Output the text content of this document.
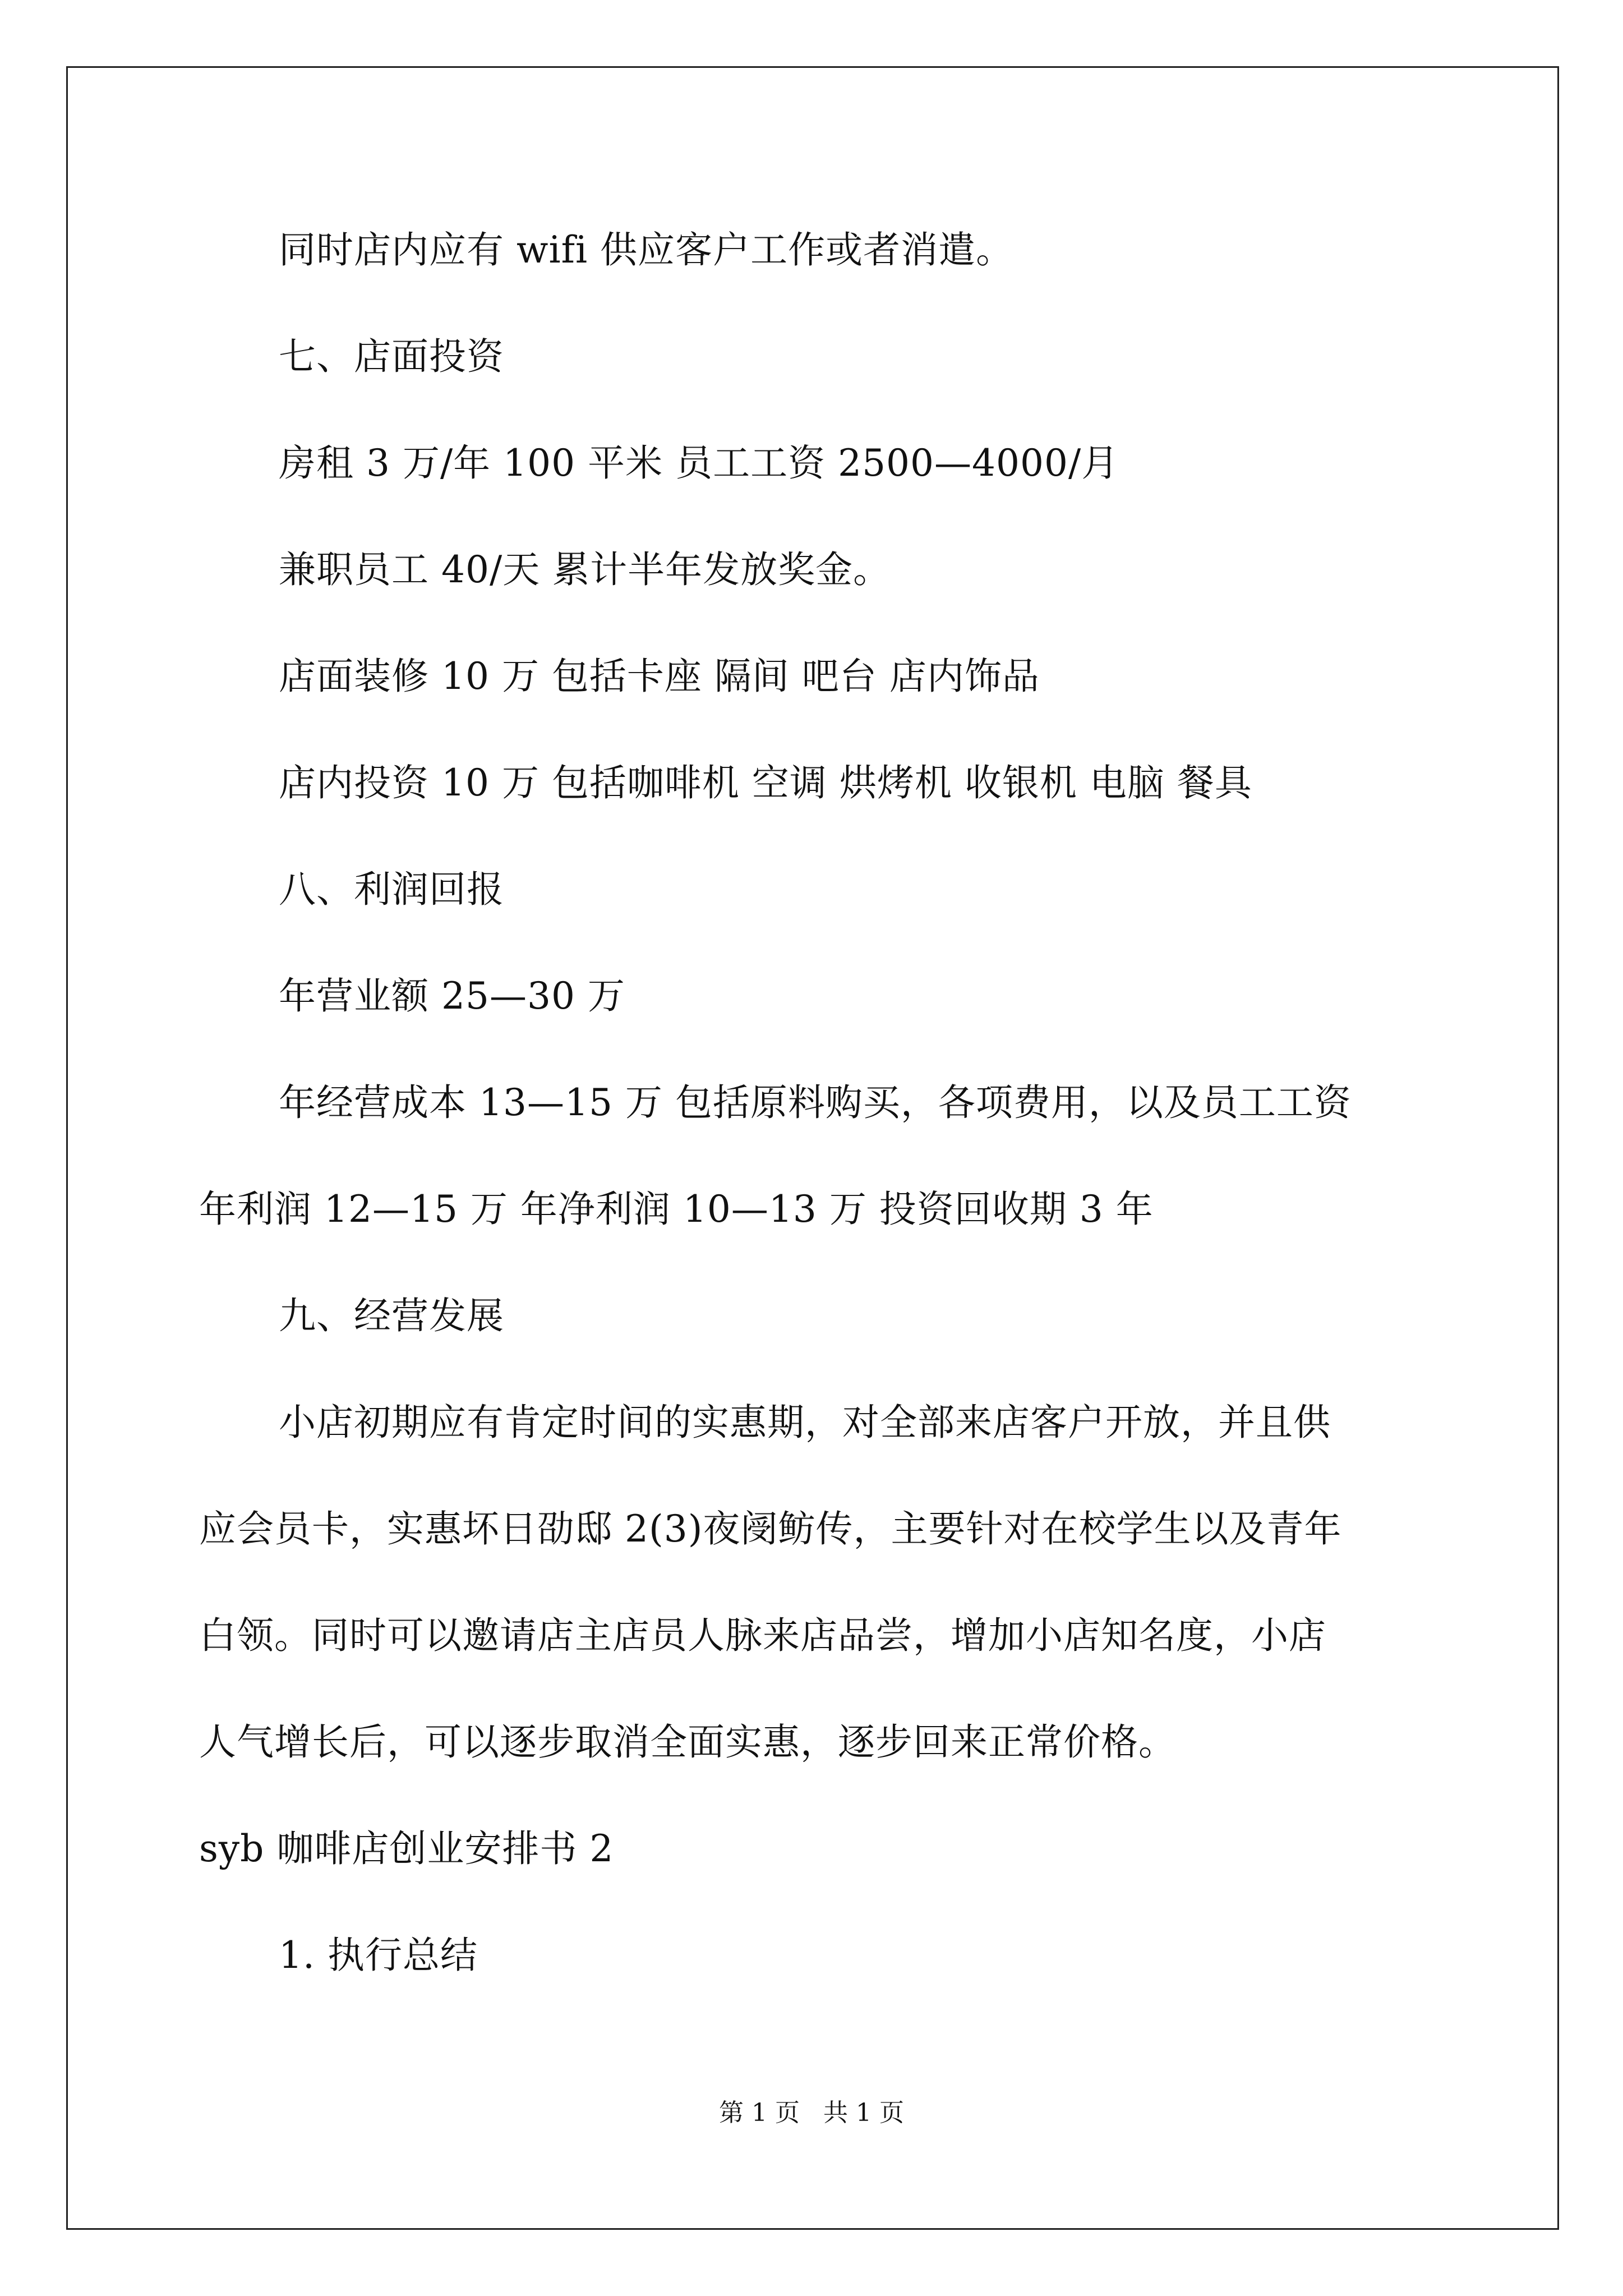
同时店内应有 wifi 供应客户工作或者消遣。
七、店面投资
房租 3 万/年 100 平米 员工工资 2500—4000/月
兼职员工 40/天 累计半年发放奖金。
店面装修 10 万 包括卡座 隔间 吧台 店内饰品
店内投资 10 万 包括咖啡机 空调 烘烤机 收银机 电脑 餐具
八、利润回报
年营业额 25—30 万
年经营成本 13—15 万 包括原料购买，各项费用，以及员工工资
年利润 12—15 万 年净利润 10—13 万 投资回收期 3 年
九、经营发展
小店初期应有肯定时间的实惠期，对全部来店客户开放，并且供
应会员卡，实惠坏日劭邸 2(3)夜阌鲂传，主要针对在校学生以及青年
白领。同时可以邀请店主店员人脉来店品尝，增加小店知名度，小店
人气增长后，可以逐步取消全面实惠，逐步回来正常价格。
syb 咖啡店创业安排书 2
1. 执行总结
第 1 页 共 1 页
